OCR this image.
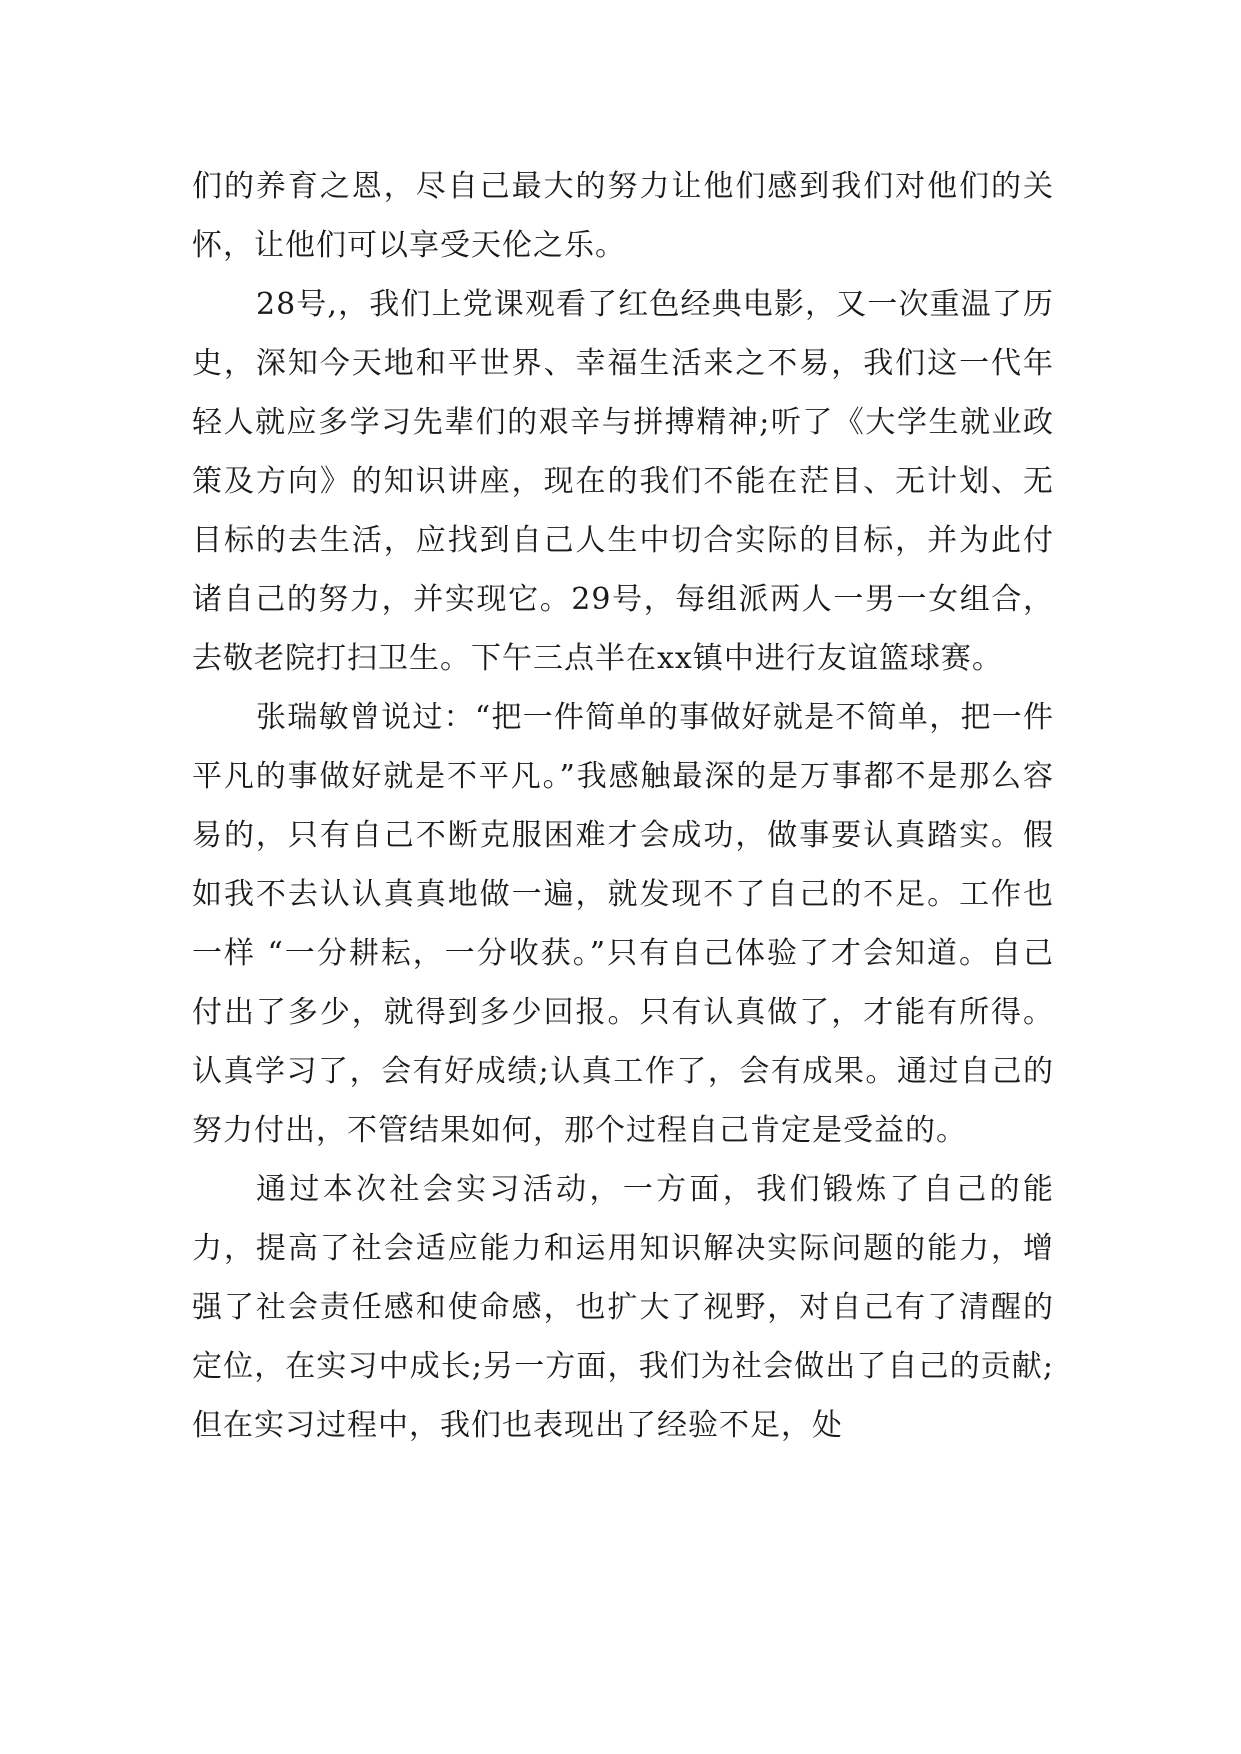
们的养育之恩，尽自己最大的努力让他们感到我们对他们的关怀，让他们可以享受天伦之乐。

28号,，我们上党课观看了红色经典电影，又一次重温了历史，深知今天地和平世界、幸福生活来之不易，我们这一代年轻人就应多学习先辈们的艰辛与拼搏精神;听了《大学生就业政策及方向》的知识讲座，现在的我们不能在茫目、无计划、无目标的去生活，应找到自己人生中切合实际的目标，并为此付诸自己的努力，并实现它。29号，每组派两人一男一女组合，去敬老院打扫卫生。下午三点半在xx镇中进行友谊篮球赛。

张瑞敏曾说过：“把一件简单的事做好就是不简单，把一件平凡的事做好就是不平凡。”我感触最深的是万事都不是那么容易的，只有自己不断克服困难才会成功，做事要认真踏实。假如我不去认认真真地做一遍，就发现不了自己的不足。工作也一样 “一分耕耘，一分收获。”只有自己体验了才会知道。自己付出了多少，就得到多少回报。只有认真做了，才能有所得。认真学习了，会有好成绩;认真工作了，会有成果。通过自己的努力付出，不管结果如何，那个过程自己肯定是受益的。

通过本次社会实习活动，一方面，我们锻炼了自己的能力，提高了社会适应能力和运用知识解决实际问题的能力，增强了社会责任感和使命感，也扩大了视野，对自己有了清醒的定位，在实习中成长;另一方面，我们为社会做出了自己的贡献;但在实习过程中，我们也表现出了经验不足，处
